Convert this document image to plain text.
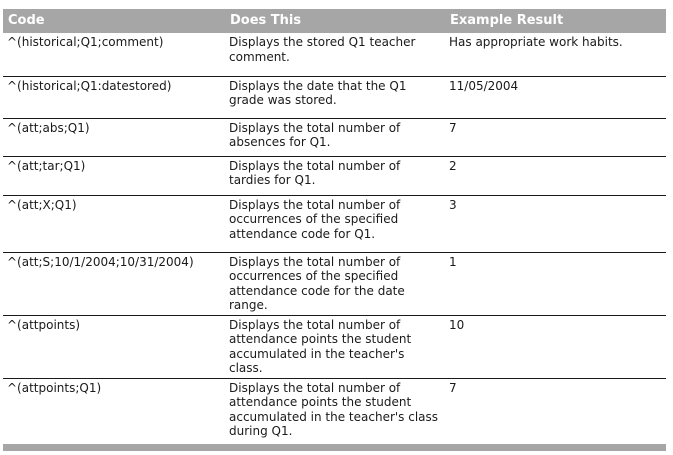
Code	Does This	Example Result
^(historical;Q1;comment)	Displays the stored Q1 teacher comment.	Has appropriate work habits.
^(historical;Q1:datestored)	Displays the date that the Q1 grade was stored.	11/05/2004
^(att;abs;Q1)	Displays the total number of absences for Q1.	7
^(att;tar;Q1)	Displays the total number of tardies for Q1.	2
^(att;X;Q1)	Displays the total number of occurrences of the specified attendance code for Q1.	3
^(att;S;10/1/2004;10/31/2004)	Displays the total number of occurrences of the specified attendance code for the date range.	1
^(attpoints)	Displays the total number of attendance points the student accumulated in the teacher's class.	10
^(attpoints;Q1)	Displays the total number of attendance points the student accumulated in the teacher's class during Q1.	7
